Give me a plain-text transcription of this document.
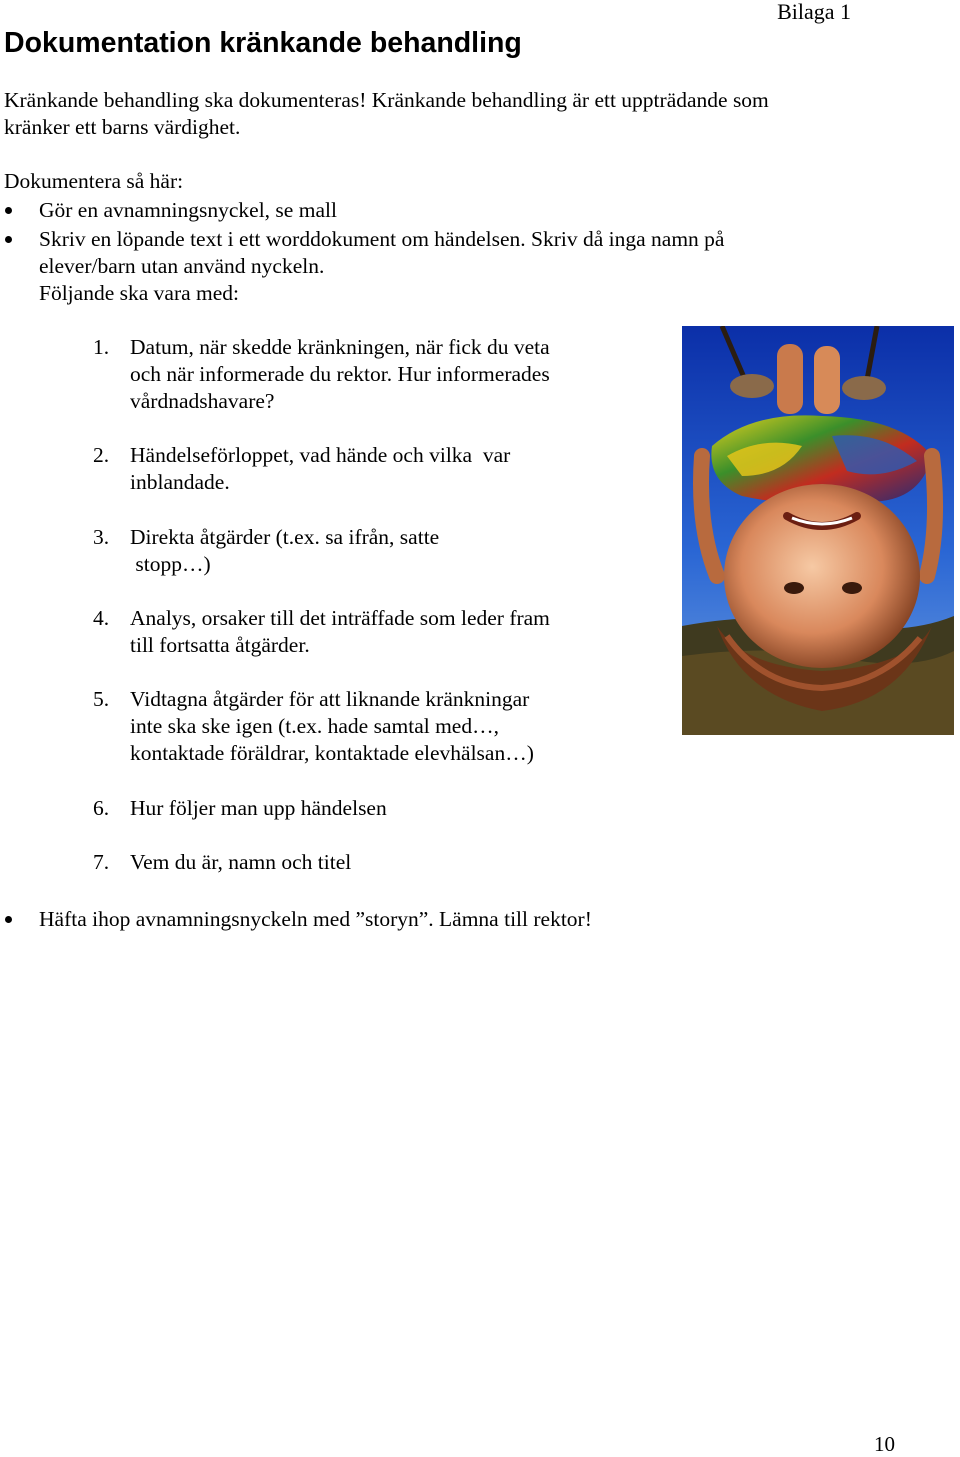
Bilaga 1
Dokumentation kränkande behandling
Kränkande behandling ska dokumenteras! Kränkande behandling är ett uppträdande som
kränker ett barns värdighet.
Dokumentera så här:
Gör en avnamningsnyckel, se mall
Skriv en löpande text i ett worddokument om händelsen. Skriv då inga namn på
elever/barn utan använd nyckeln.
Följande ska vara med:
1. Datum, när skedde kränkningen, när fick du veta
och när informerade du rektor. Hur informerades
vårdnadshavare?
2. Händelseförloppet, vad hände och vilka  var
inblandade.
3. Direkta åtgärder (t.ex. sa ifrån, satte
stopp…)
4. Analys, orsaker till det inträffade som leder fram
till fortsatta åtgärder.
5. Vidtagna åtgärder för att liknande kränkningar
inte ska ske igen (t.ex. hade samtal med…,
kontaktade föräldrar, kontaktade elevhälsan…)
6. Hur följer man upp händelsen
7. Vem du är, namn och titel
Häfta ihop avnamningsnyckeln med ”storyn”. Lämna till rektor!
10
